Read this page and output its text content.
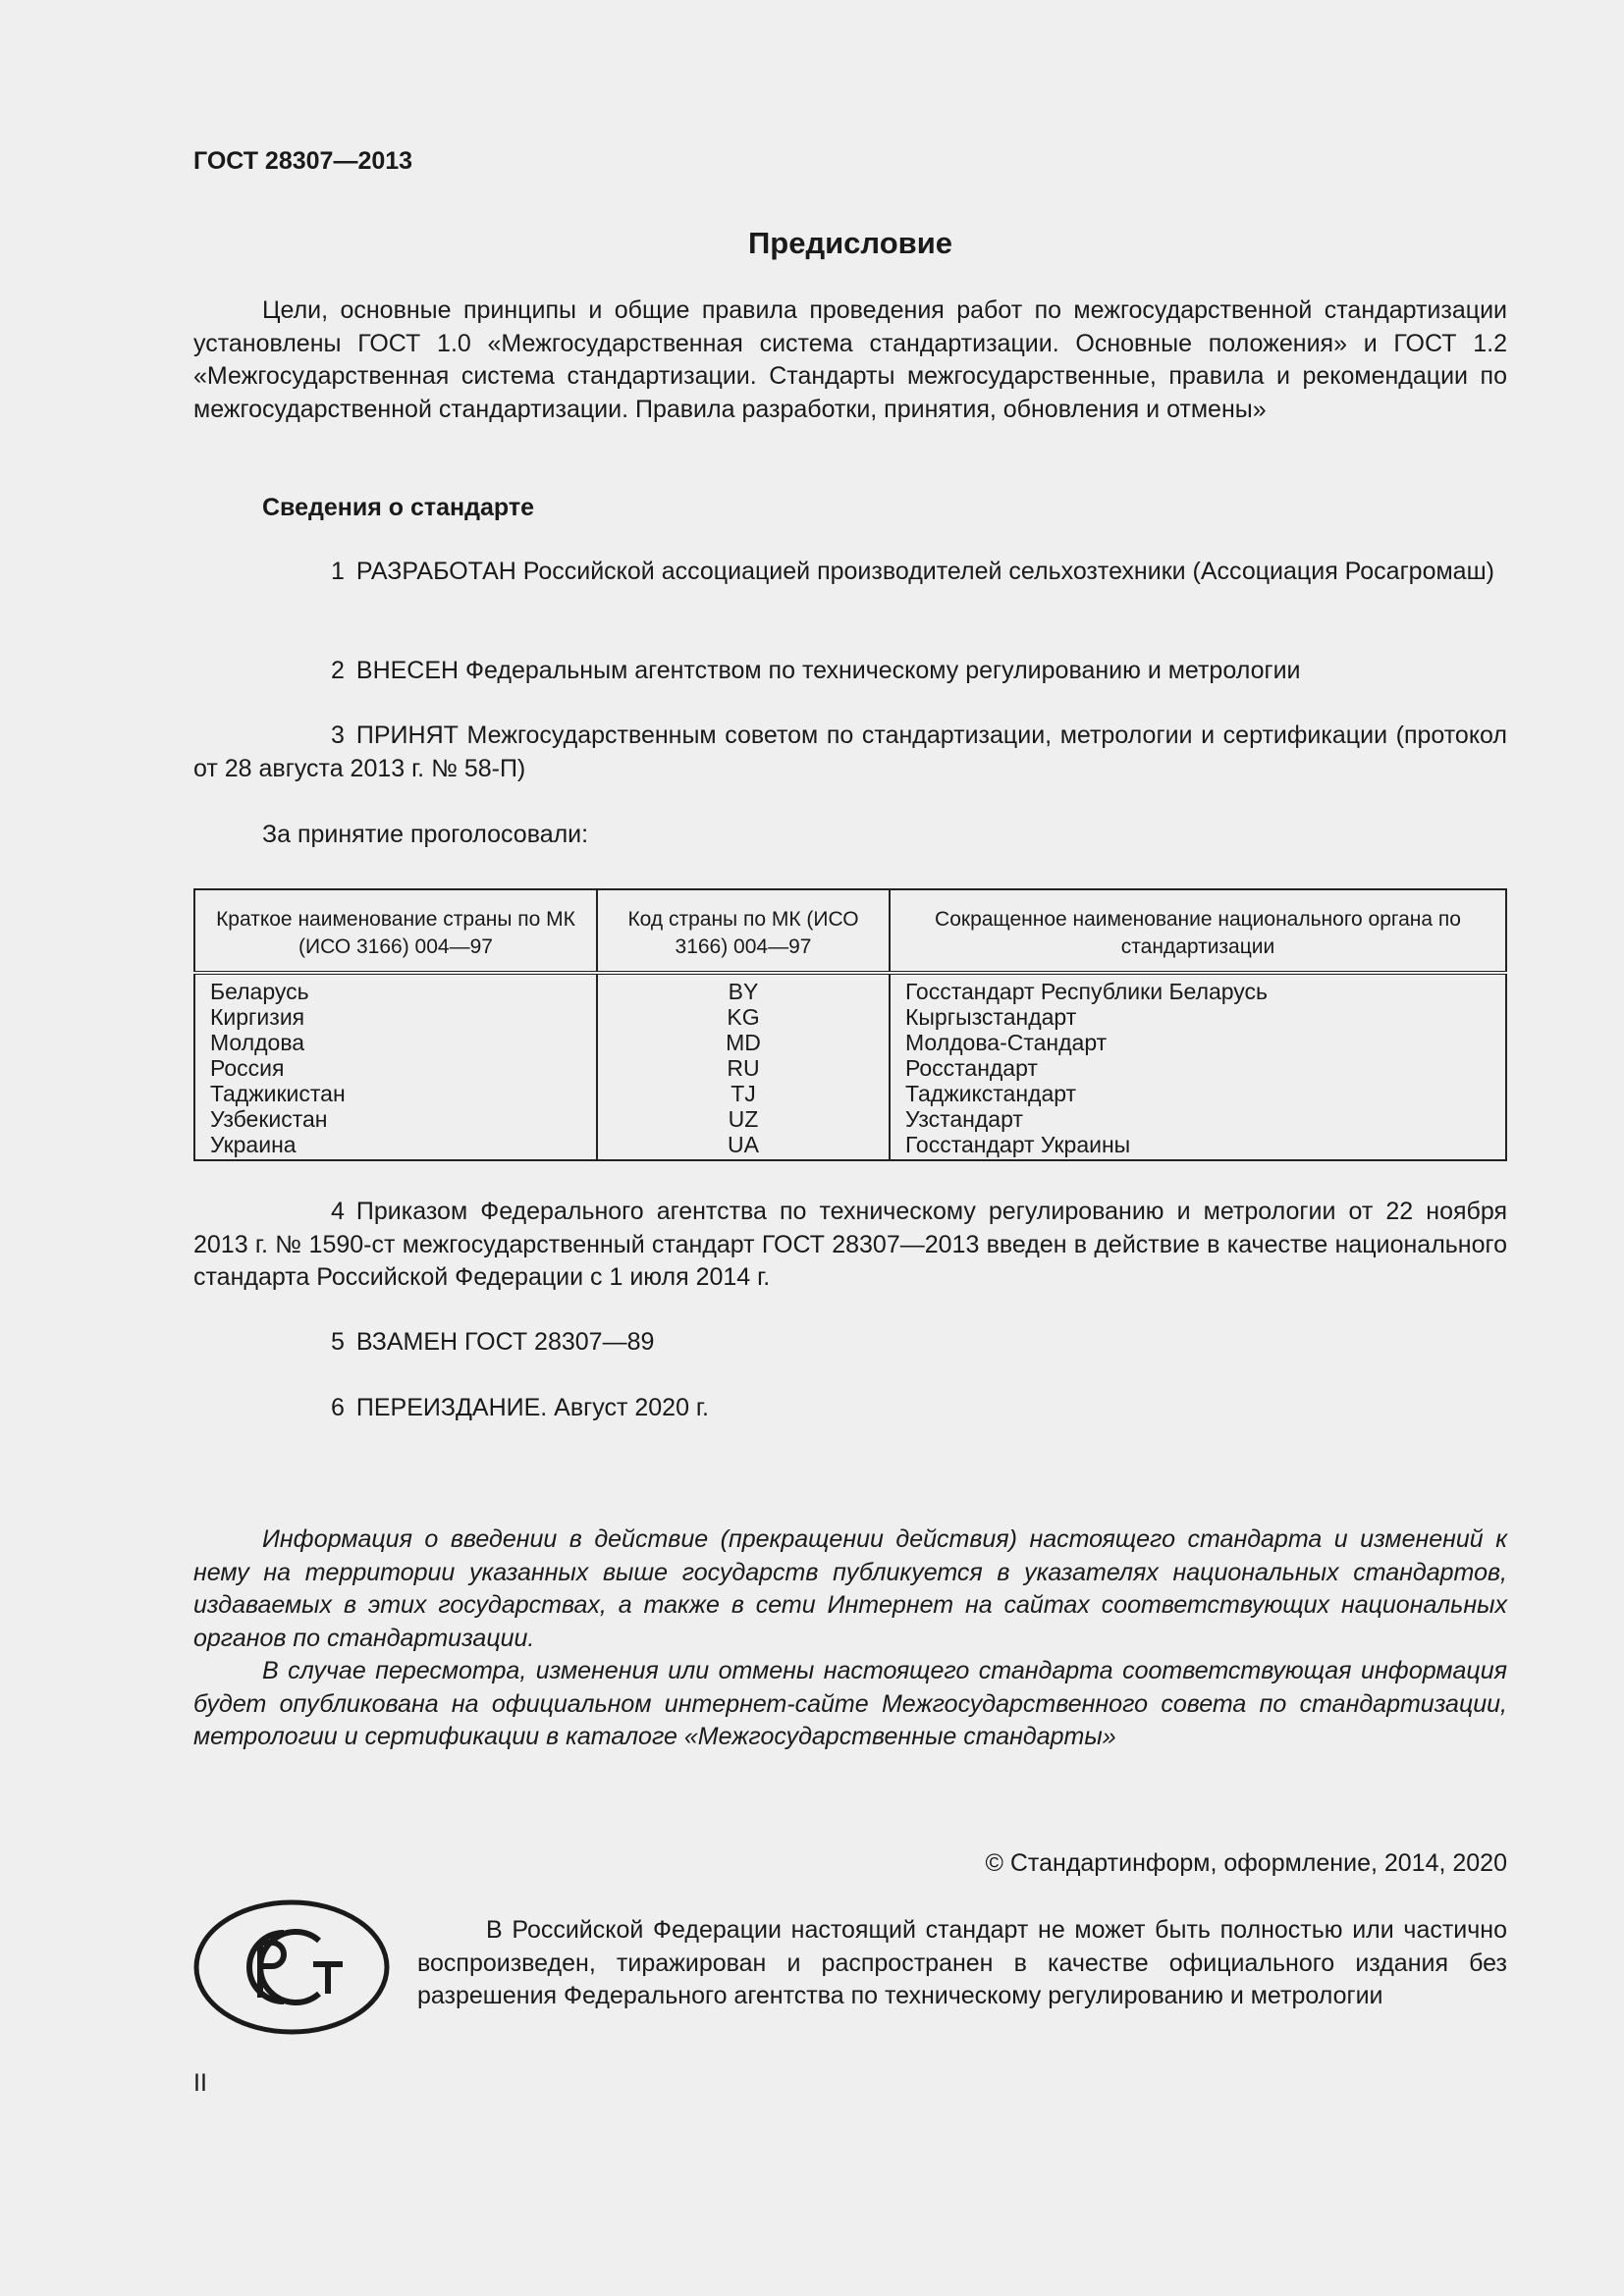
ГОСТ 28307—2013
Предисловие
Цели, основные принципы и общие правила проведения работ по межгосударственной стандартизации установлены ГОСТ 1.0 «Межгосударственная система стандартизации. Основные положения» и ГОСТ 1.2 «Межгосударственная система стандартизации. Стандарты межгосударственные, правила и рекомендации по межгосударственной стандартизации. Правила разработки, принятия, обновления и отмены»
Сведения о стандарте
1 РАЗРАБОТАН Российской ассоциацией производителей сельхозтехники (Ассоциация Росагромаш)
2 ВНЕСЕН Федеральным агентством по техническому регулированию и метрологии
3 ПРИНЯТ Межгосударственным советом по стандартизации, метрологии и сертификации (протокол от 28 августа 2013 г. № 58-П)
За принятие проголосовали:
Краткое наименование страны по МК (ИСО 3166) 004—97	Код страны по МК (ИСО 3166) 004—97	Сокращенное наименование национального органа по стандартизации
Беларусь	BY	Госстандарт Республики Беларусь
Киргизия	KG	Кыргызстандарт
Молдова	MD	Молдова-Стандарт
Россия	RU	Росстандарт
Таджикистан	TJ	Таджикстандарт
Узбекистан	UZ	Узстандарт
Украина	UA	Госстандарт Украины
4 Приказом Федерального агентства по техническому регулированию и метрологии от 22 ноября 2013 г. № 1590-ст межгосударственный стандарт ГОСТ 28307—2013 введен в действие в качестве национального стандарта Российской Федерации с 1 июля 2014 г.
5 ВЗАМЕН ГОСТ 28307—89
6 ПЕРЕИЗДАНИЕ. Август 2020 г.
Информация о введении в действие (прекращении действия) настоящего стандарта и изменений к нему на территории указанных выше государств публикуется в указателях национальных стандартов, издаваемых в этих государствах, а также в сети Интернет на сайтах соответствующих национальных органов по стандартизации.
В случае пересмотра, изменения или отмены настоящего стандарта соответствующая информация будет опубликована на официальном интернет-сайте Межгосударственного совета по стандартизации, метрологии и сертификации в каталоге «Межгосударственные стандарты»
© Стандартинформ, оформление, 2014, 2020
В Российской Федерации настоящий стандарт не может быть полностью или частично воспроизведен, тиражирован и распространен в качестве официального издания без разрешения Федерального агентства по техническому регулированию и метрологии
II
